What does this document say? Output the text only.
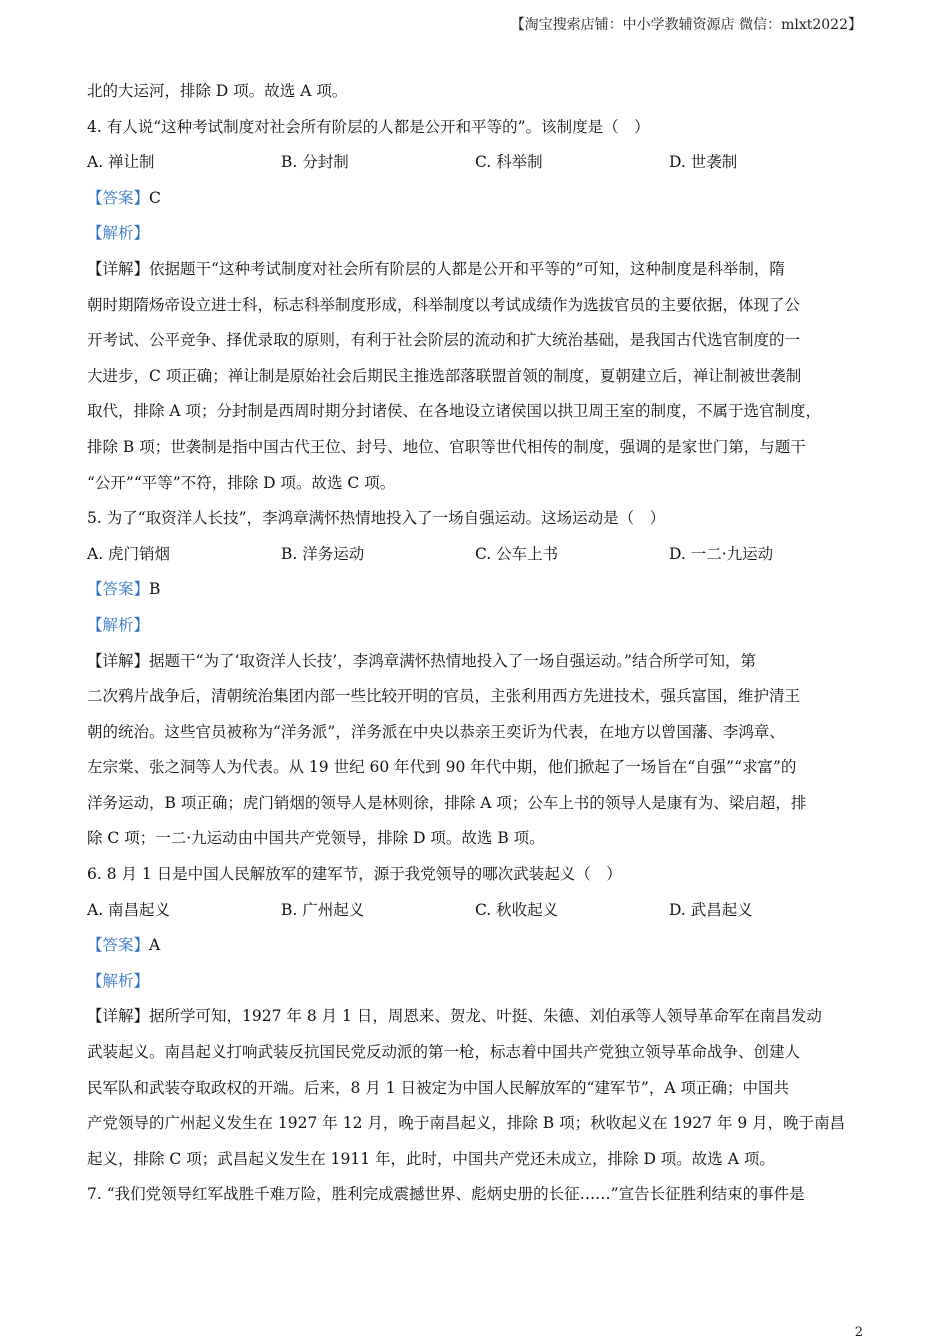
【淘宝搜索店铺：中小学教辅资源店 微信：mlxt2022】
北的大运河，排除 D 项。故选 A 项。
4. 有人说“这种考试制度对社会所有阶层的人都是公开和平等的”。该制度是（　）
A. 禅让制	B. 分封制	C. 科举制	D. 世袭制
【答案】C
【解析】
【详解】依据题干“这种考试制度对社会所有阶层的人都是公开和平等的”可知，这种制度是科举制，隋
朝时期隋炀帝设立进士科，标志科举制度形成，科举制度以考试成绩作为选拔官员的主要依据，体现了公
开考试、公平竞争、择优录取的原则，有利于社会阶层的流动和扩大统治基础，是我国古代选官制度的一
大进步，C 项正确；禅让制是原始社会后期民主推选部落联盟首领的制度，夏朝建立后，禅让制被世袭制
取代，排除 A 项；分封制是西周时期分封诸侯、在各地设立诸侯国以拱卫周王室的制度，不属于选官制度，
排除 B 项；世袭制是指中国古代王位、封号、地位、官职等世代相传的制度，强调的是家世门第，与题干
“公开”“平等”不符，排除 D 项。故选 C 项。
5. 为了“取资洋人长技”，李鸿章满怀热情地投入了一场自强运动。这场运动是（　）
A. 虎门销烟	B. 洋务运动	C. 公车上书	D. 一二·九运动
【答案】B
【解析】
【详解】据题干“为了‘取资洋人长技’，李鸿章满怀热情地投入了一场自强运动。”结合所学可知，第
二次鸦片战争后，清朝统治集团内部一些比较开明的官员，主张利用西方先进技术，强兵富国，维护清王
朝的统治。这些官员被称为“洋务派”，洋务派在中央以恭亲王奕䜣为代表，在地方以曾国藩、李鸿章、
左宗棠、张之洞等人为代表。从 19 世纪 60 年代到 90 年代中期，他们掀起了一场旨在“自强”“求富”的
洋务运动，B 项正确；虎门销烟的领导人是林则徐，排除 A 项；公车上书的领导人是康有为、梁启超，排
除 C 项；一二·九运动由中国共产党领导，排除 D 项。故选 B 项。
6. 8 月 1 日是中国人民解放军的建军节，源于我党领导的哪次武装起义（　）
A. 南昌起义	B. 广州起义	C. 秋收起义	D. 武昌起义
【答案】A
【解析】
【详解】据所学可知，1927 年 8 月 1 日，周恩来、贺龙、叶挺、朱德、刘伯承等人领导革命军在南昌发动
武装起义。南昌起义打响武装反抗国民党反动派的第一枪，标志着中国共产党独立领导革命战争、创建人
民军队和武装夺取政权的开端。后来，8 月 1 日被定为中国人民解放军的“建军节”，A 项正确；中国共
产党领导的广州起义发生在 1927 年 12 月，晚于南昌起义，排除 B 项；秋收起义在 1927 年 9 月，晚于南昌
起义，排除 C 项；武昌起义发生在 1911 年，此时，中国共产党还未成立，排除 D 项。故选 A 项。
7. “我们党领导红军战胜千难万险，胜利完成震撼世界、彪炳史册的长征……”宣告长征胜利结束的事件是
2
